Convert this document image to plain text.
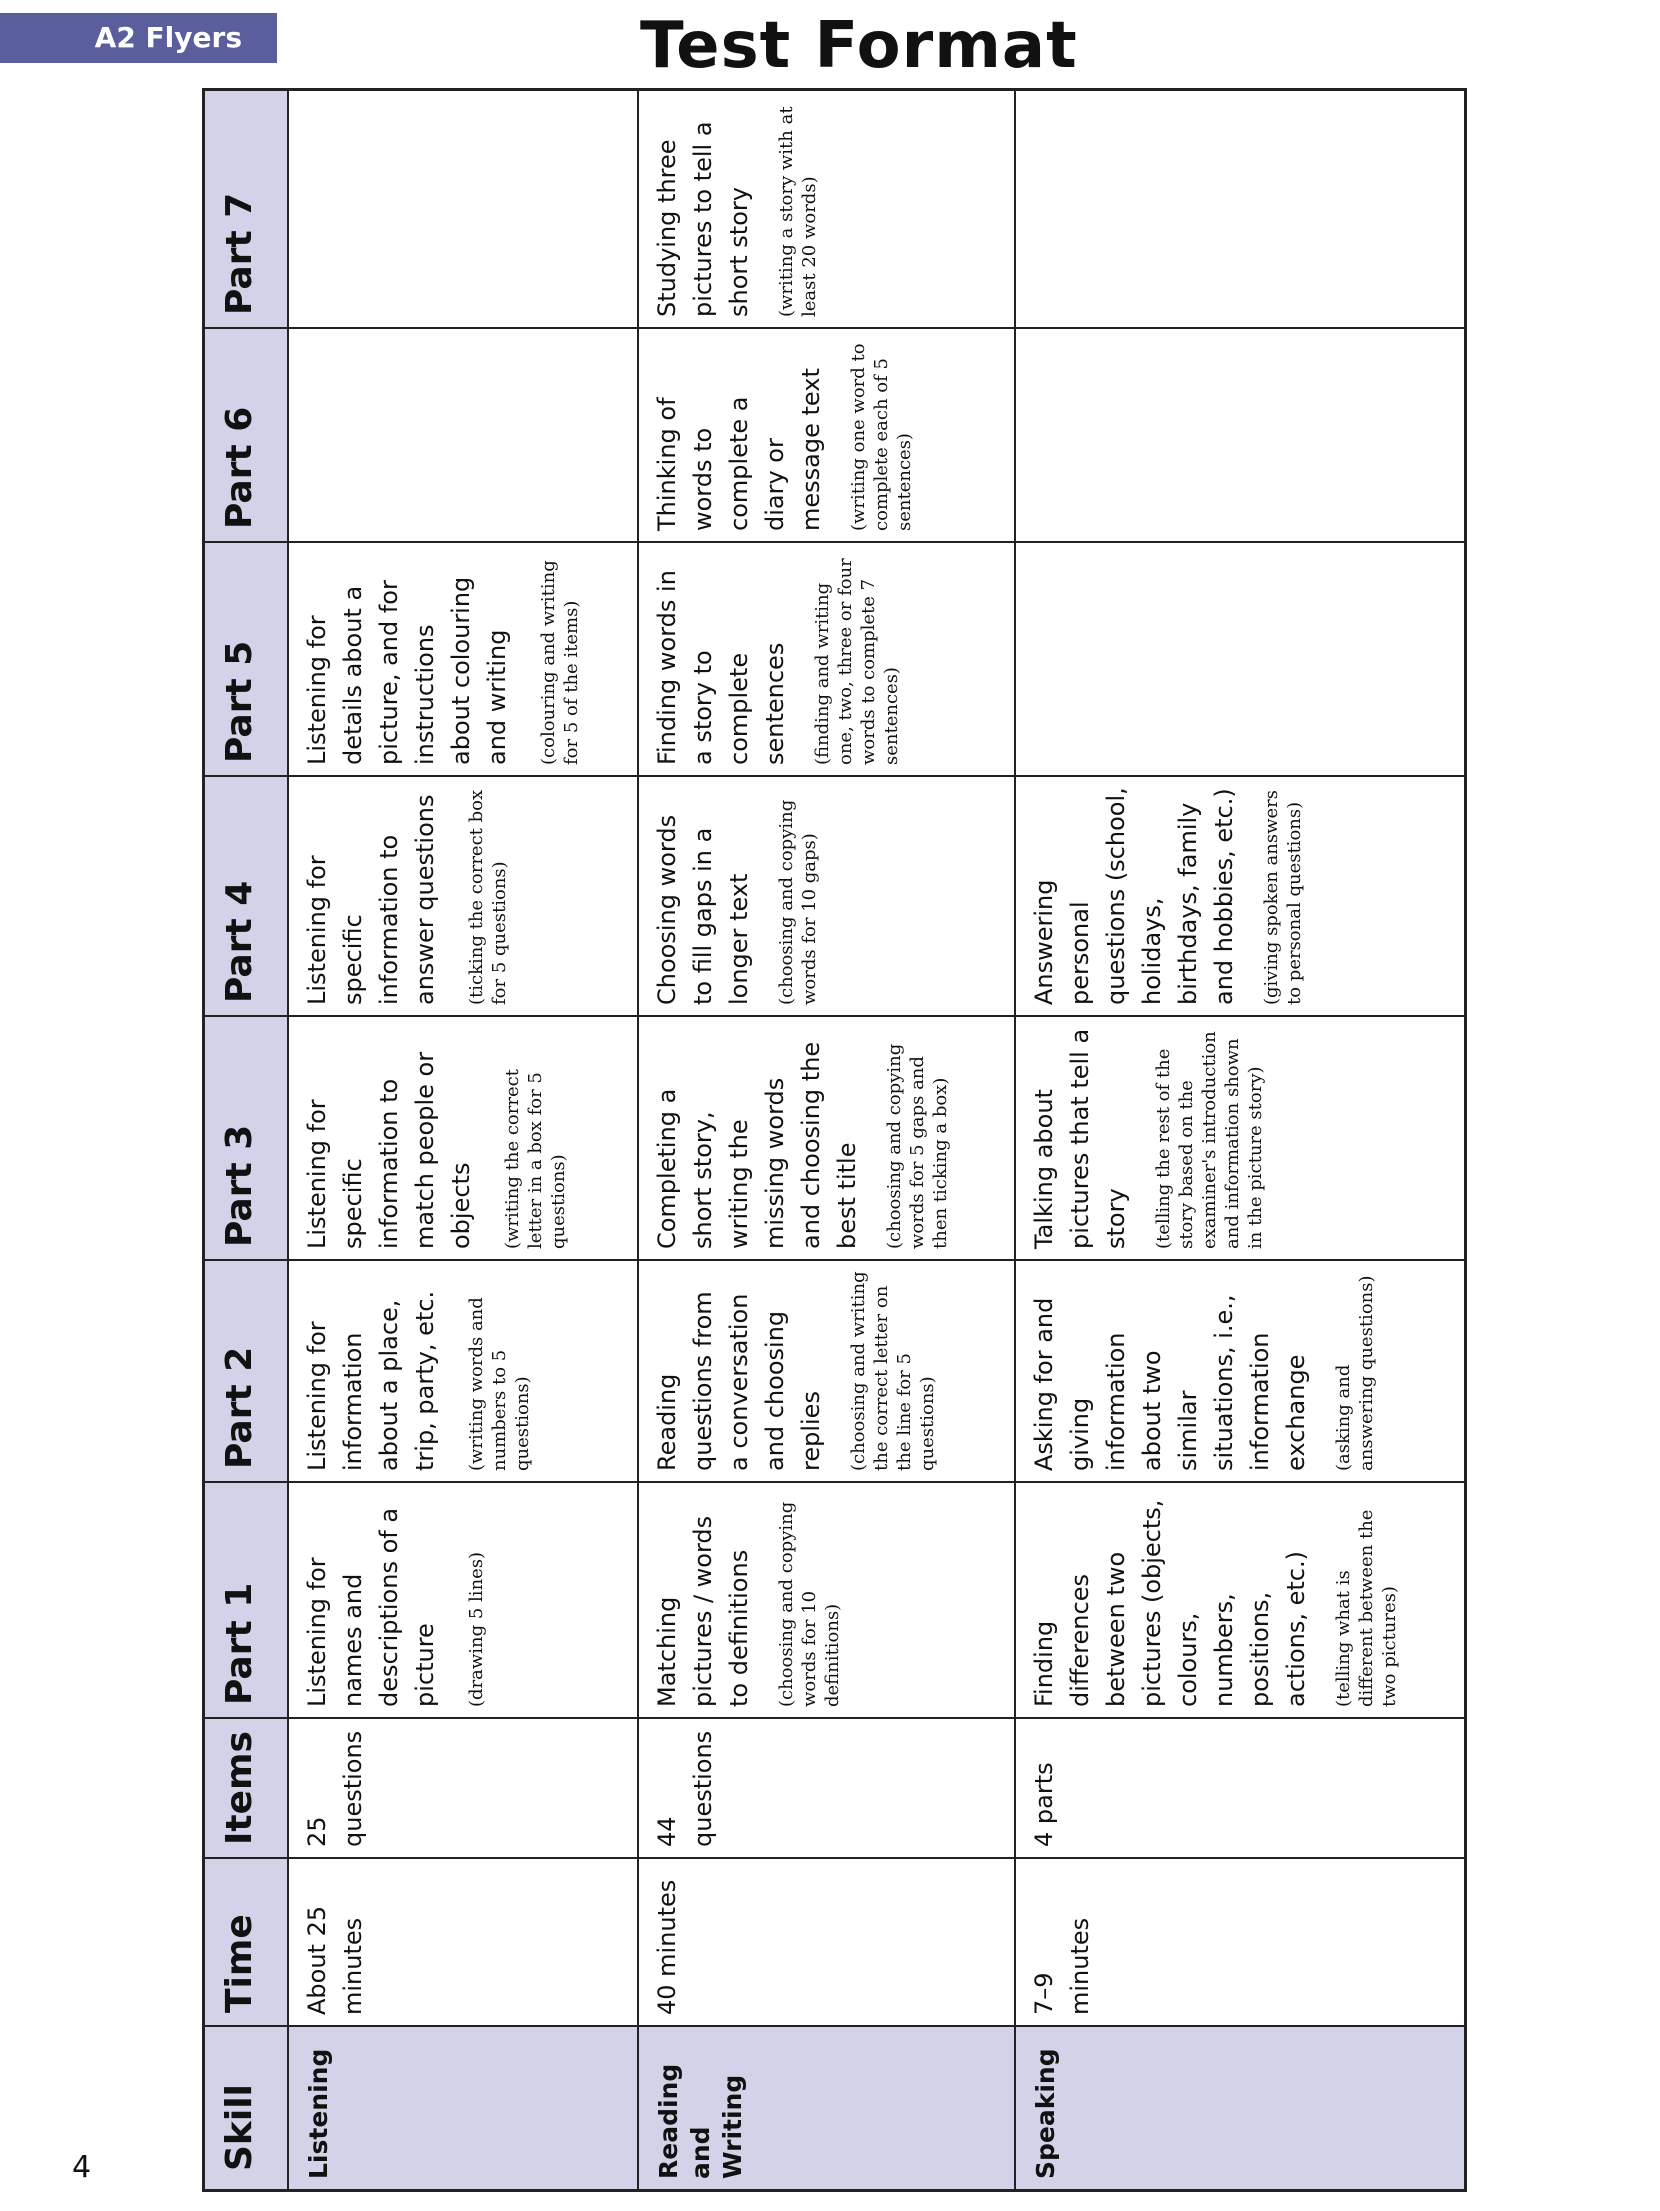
A2 Flyers	Test Format
Skill
Time
Items
Part 1
Part 2
Part 3
Part 4
Part 5
Part 6
Part 7
Listening
About 25 minutes
25 questions
Listening for names and descriptions of a picture (drawing 5 lines)
Listening for information about a place, trip, party, etc. (writing words and numbers to 5 questions)
Listening for specific information to match people or objects (writing the correct letter in a box for 5 questions)
Listening for specific information to answer questions (ticking the correct box for 5 questions)
Listening for details about a picture, and for instructions about colouring and writing (colouring and writing for 5 of the items)
Reading and Writing
40 minutes
44 questions
Matching pictures / words to definitions (choosing and copying words for 10 definitions)
Reading questions from a conversation and choosing replies (choosing and writing the correct letter on the line for 5 questions)
Completing a short story, writing the missing words and choosing the best title (choosing and copying words for 5 gaps and then ticking a box)
Choosing words to fill gaps in a longer text (choosing and copying words for 10 gaps)
Finding words in a story to complete sentences (finding and writing one, two, three or four words to complete 7 sentences)
Thinking of words to complete a diary or message text (writing one word to complete each of 5 sentences)
Studying three pictures to tell a short story (writing a story with at least 20 words)
Speaking
7–9 minutes
4 parts
Finding differences between two pictures (objects, colours, numbers, positions, actions, etc.) (telling what is different between the two pictures)
Asking for and giving information about two similar situations, i.e., information exchange (asking and answering questions)
Talking about pictures that tell a story (telling the rest of the story based on the examiner's introduction and information shown in the picture story)
Answering personal questions (school, holidays, birthdays, family and hobbies, etc.) (giving spoken answers to personal questions)
4
